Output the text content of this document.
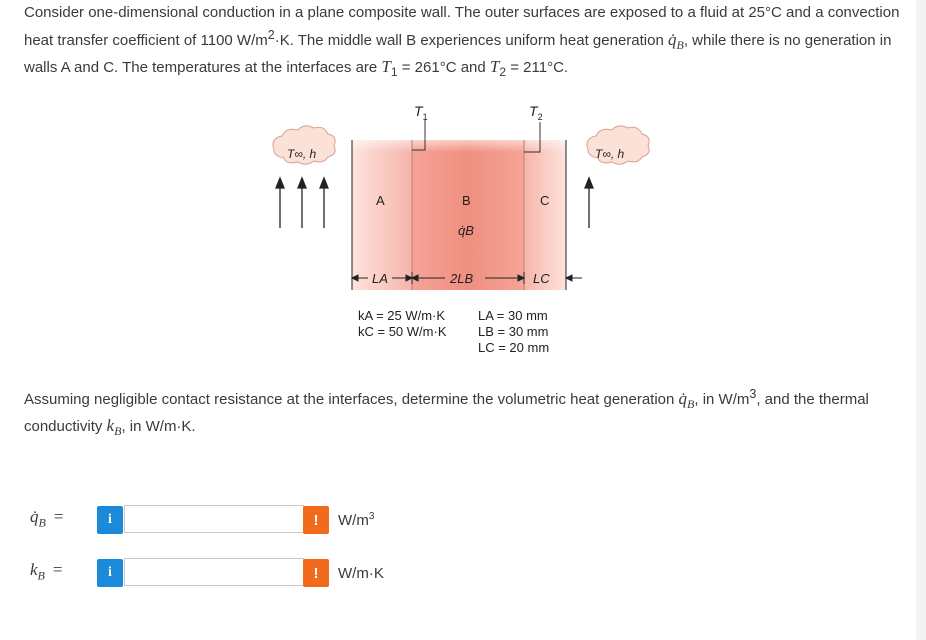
Consider one-dimensional conduction in a plane composite wall. The outer surfaces are exposed to a fluid at 25°C and a convection heat transfer coefficient of 1100 $W/m^2\cdot K$. The middle wall B experiences uniform heat generation $q̇_B$, while there is no generation in walls A and C. The temperatures at the interfaces are $T_1 = 261^\circ C$ and $T_2 = 211^\circ C$.

$T_1$	$T_2$
A	B	C
q̇B
T∞, h	T∞, h
LA	2LB	LC
kA = 25 W/m·K
kC = 50 W/m·K
LA = 30 mm
LB = 30 mm
LC = 20 mm

Assuming negligible contact resistance at the interfaces, determine the volumetric heat generation $q̇_B$, in $W/m^3$, and the thermal conductivity $k_B$, in W/m·K.

$q̇_B$ =	i	!	$W/m^3$
$k_B$ =	i	!	W/m·K
